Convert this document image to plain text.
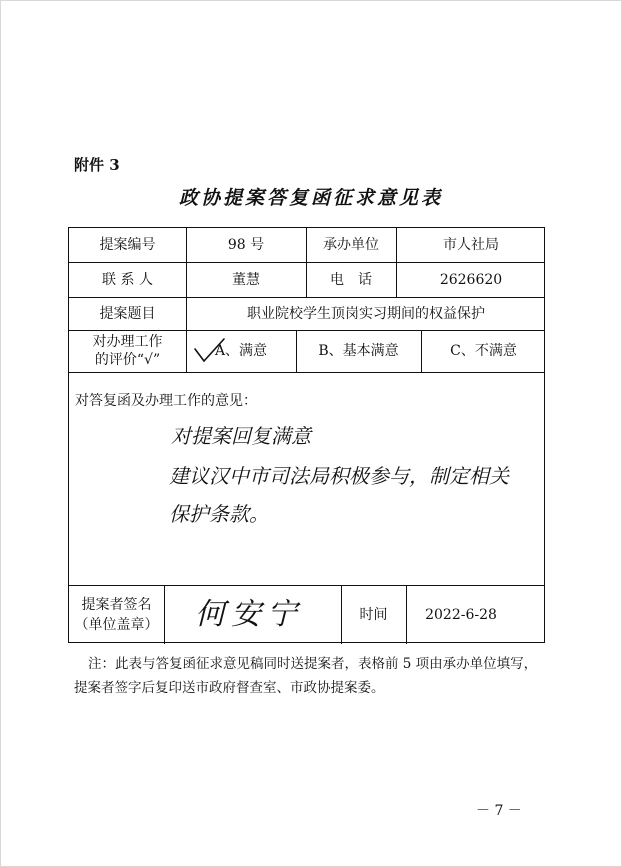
附件 3
政协提案答复函征求意见表
提案编号	98 号	承办单位	市人社局
联 系 人	董慧	电　话	2626620
提案题目	职业院校学生顶岗实习期间的权益保护
对办理工作
的评价“√”
A、满意	B、基本满意	C、不满意
对答复函及办理工作的意见：
对提案回复满意
建议汉中市司法局积极参与，制定相关
保护条款。
提案者签名
（单位盖章）	何安宁	时间	2022-6-28
注：此表与答复函征求意见稿同时送提案者，表格前 5 项由承办单位填写，提案者签字后复印送市政府督查室、市政协提案委。
－ 7 －
